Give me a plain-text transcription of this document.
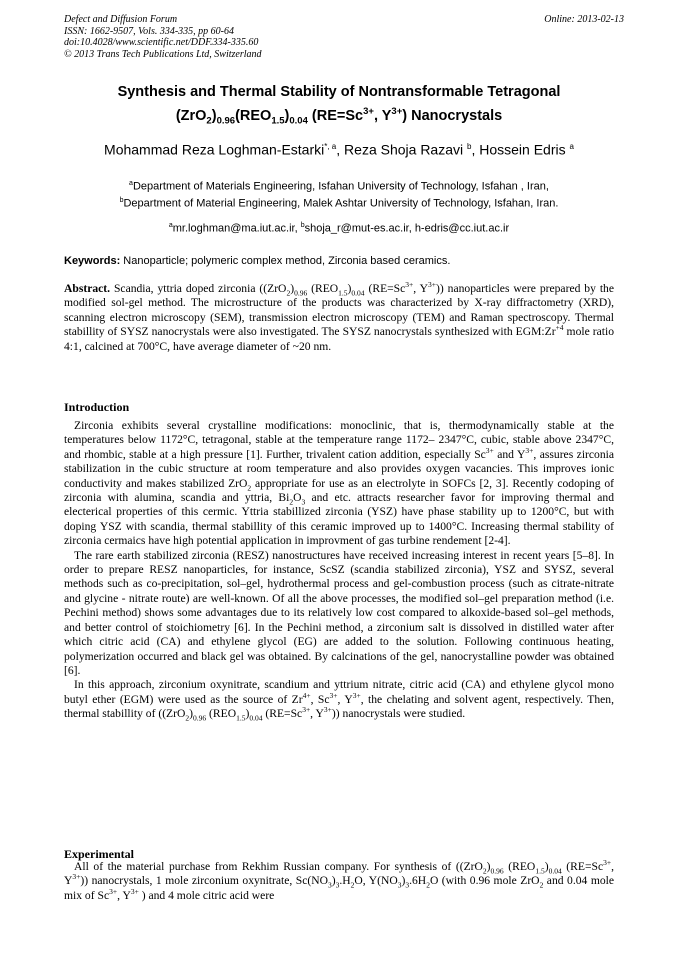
Defect and Diffusion Forum
ISSN: 1662-9507, Vols. 334-335, pp 60-64
doi:10.4028/www.scientific.net/DDF.334-335.60
© 2013 Trans Tech Publications Ltd, Switzerland
Online: 2013-02-13
Synthesis and Thermal Stability of Nontransformable Tetragonal
$(ZrO_2)_{0.96}(REO_{1.5})_{0.04}$ ($RE=Sc^{3+}$, $Y^{3+}$) Nanocrystals
Mohammad Reza Loghman-Estarki$^{*, a}$, Reza Shoja Razavi $^b$, Hossein Edris $^a$
$^a$Department of Materials Engineering, Isfahan University of Technology, Isfahan , Iran,
$^b$Department of Material Engineering, Malek Ashtar University of Technology, Isfahan, Iran.
$^a$mr.loghman@ma.iut.ac.ir, $^b$shoja_r@mut-es.ac.ir, h-edris@cc.iut.ac.ir
Keywords: Nanoparticle; polymeric complex method, Zirconia based ceramics.

Abstract. Scandia, yttria doped zirconia ($(ZrO_2)_{0.96}$ $(REO_{1.5})_{0.04}$ ($RE=Sc^{3+}$, $Y^{3+}$)) nanoparticles were prepared by the modified sol-gel method. The microstructure of the products was characterized by X-ray diffractometry (XRD), scanning electron microscopy (SEM), transmission electron microscopy (TEM) and Raman spectroscopy. Thermal stabillity of SYSZ nanocrystals were also investigated. The SYSZ nanocrystals synthesized with $EGM:Zr^{+4}$ mole ratio 4:1, calcined at 700°C, have average diameter of ~20 nm.

Introduction

Zirconia exhibits several crystalline modifications: monoclinic, that is, thermodynamically stable at the temperatures below 1172°C, tetragonal, stable at the temperature range 1172– 2347°C, cubic, stable above 2347°C, and rhombic, stable at a high pressure [1]. Further, trivalent cation addition, especially $Sc^{3+}$ and $Y^{3+}$, assures zirconia stabilization in the cubic structure at room temperature and also provides oxygen vacancies. This improves ionic conductivity and makes stabilized ZrO$_2$ appropriate for use as an electrolyte in SOFCs [2, 3]. Recently codoping of zirconia with alumina, scandia and yttria, $Bi_2O_3$ and etc. attracts researcher favor for improving thermal and electerical properties of this cermic. Yttria stabillized zirconia (YSZ) have phase stability up to 1200°C, but with doping YSZ with scandia, thermal stabillity of this ceramic improved up to 1400°C. Increasing thermal stability of zirconia cermaics have high potential application in improvment of gas turbine rendement [2-4].

The rare earth stabilized zirconia (RESZ) nanostructures have received increasing interest in recent years [5–8]. In order to prepare RESZ nanoparticles, for instance, ScSZ (scandia stabilized zirconia), YSZ and SYSZ, several methods such as co-precipitation, sol–gel, hydrothermal process and gel-combustion process (such as citrate-nitrate and glycine - nitrate route) are well-known. Of all the above processes, the modified sol–gel preparation method (i.e. Pechini method) shows some advantages due to its relatively low cost compared to alkoxide-based sol–gel methods, and better control of stoichiometry [6]. In the Pechini method, a zirconium salt is dissolved in distilled water after which citric acid (CA) and ethylene glycol (EG) are added to the solution. Following continuous heating, polymerization occurred and black gel was obtained. By calcinations of the gel, nanocrystalline powder was obtained [6].

In this approach, zirconium oxynitrate, scandium and yttrium nitrate, citric acid (CA) and ethylene glycol mono butyl ether (EGM) were used as the source of $Zr^{4+}$, $Sc^{3+}$, $Y^{3+}$, the chelating and solvent agent, respectively. Then, thermal stabillity of ($(ZrO_2)_{0.96}$ $(REO_{1.5})_{0.04}$ ($RE=Sc^{3+}$, $Y^{3+}$)) nanocrystals were studied.

Experimental

All of the material purchase from Rekhim Russian company. For synthesis of ($(ZrO_2)_{0.96}$ $(REO_{1.5})_{0.04}$ ($RE=Sc^{3+}$, $Y^{3+}$)) nanocrystals, 1 mole zirconium oxynitrate, $Sc(NO_3)_3.H_2O$, $Y(NO_3)_3.6H_2O$ (with 0.96 mole ZrO$_2$ and 0.04 mole mix of $Sc^{3+}$, $Y^{3+}$ ) and 4 mole citric acid were
